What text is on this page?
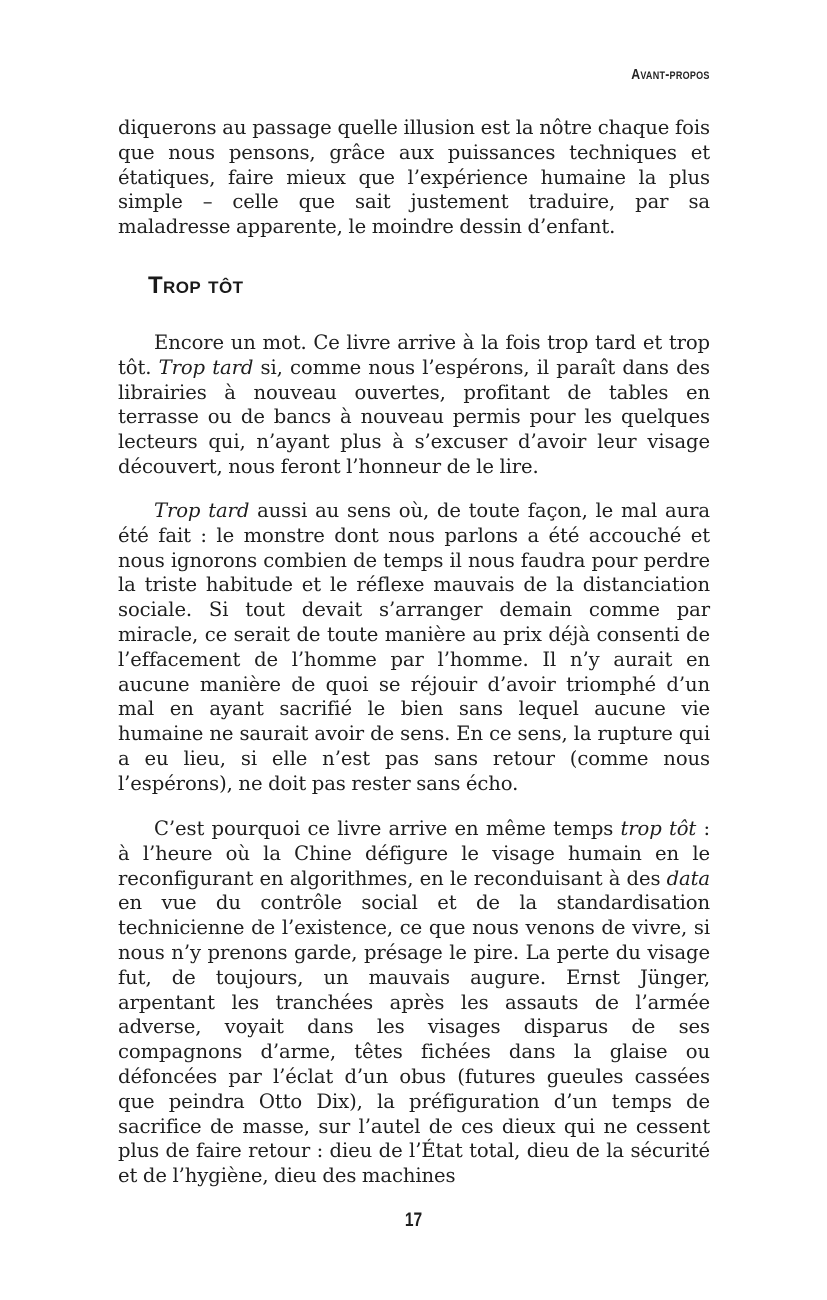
Avant-propos

diquerons au passage quelle illusion est la nôtre chaque fois que nous pensons, grâce aux puissances techniques et étatiques, faire mieux que l’expérience humaine la plus simple – celle que sait justement traduire, par sa maladresse apparente, le moindre dessin d’enfant.

Trop tôt

Encore un mot. Ce livre arrive à la fois trop tard et trop tôt. Trop tard si, comme nous l’espérons, il paraît dans des librairies à nouveau ouvertes, profitant de tables en terrasse ou de bancs à nouveau permis pour les quelques lecteurs qui, n’ayant plus à s’excuser d’avoir leur visage découvert, nous feront l’honneur de le lire.

Trop tard aussi au sens où, de toute façon, le mal aura été fait : le monstre dont nous parlons a été accouché et nous ignorons combien de temps il nous faudra pour perdre la triste habitude et le réflexe mauvais de la distanciation sociale. Si tout devait s’arranger demain comme par miracle, ce serait de toute manière au prix déjà consenti de l’effacement de l’homme par l’homme. Il n’y aurait en aucune manière de quoi se réjouir d’avoir triomphé d’un mal en ayant sacrifié le bien sans lequel aucune vie humaine ne saurait avoir de sens. En ce sens, la rupture qui a eu lieu, si elle n’est pas sans retour (comme nous l’espérons), ne doit pas rester sans écho.

C’est pourquoi ce livre arrive en même temps trop tôt : à l’heure où la Chine défigure le visage humain en le reconfigurant en algorithmes, en le reconduisant à des data en vue du contrôle social et de la standardisation technicienne de l’existence, ce que nous venons de vivre, si nous n’y prenons garde, présage le pire. La perte du visage fut, de toujours, un mauvais augure. Ernst Jünger, arpentant les tranchées après les assauts de l’armée adverse, voyait dans les visages disparus de ses compagnons d’arme, têtes fichées dans la glaise ou défoncées par l’éclat d’un obus (futures gueules cassées que peindra Otto Dix), la préfiguration d’un temps de sacrifice de masse, sur l’autel de ces dieux qui ne cessent plus de faire retour : dieu de l’État total, dieu de la sécurité et de l’hygiène, dieu des machines

17
